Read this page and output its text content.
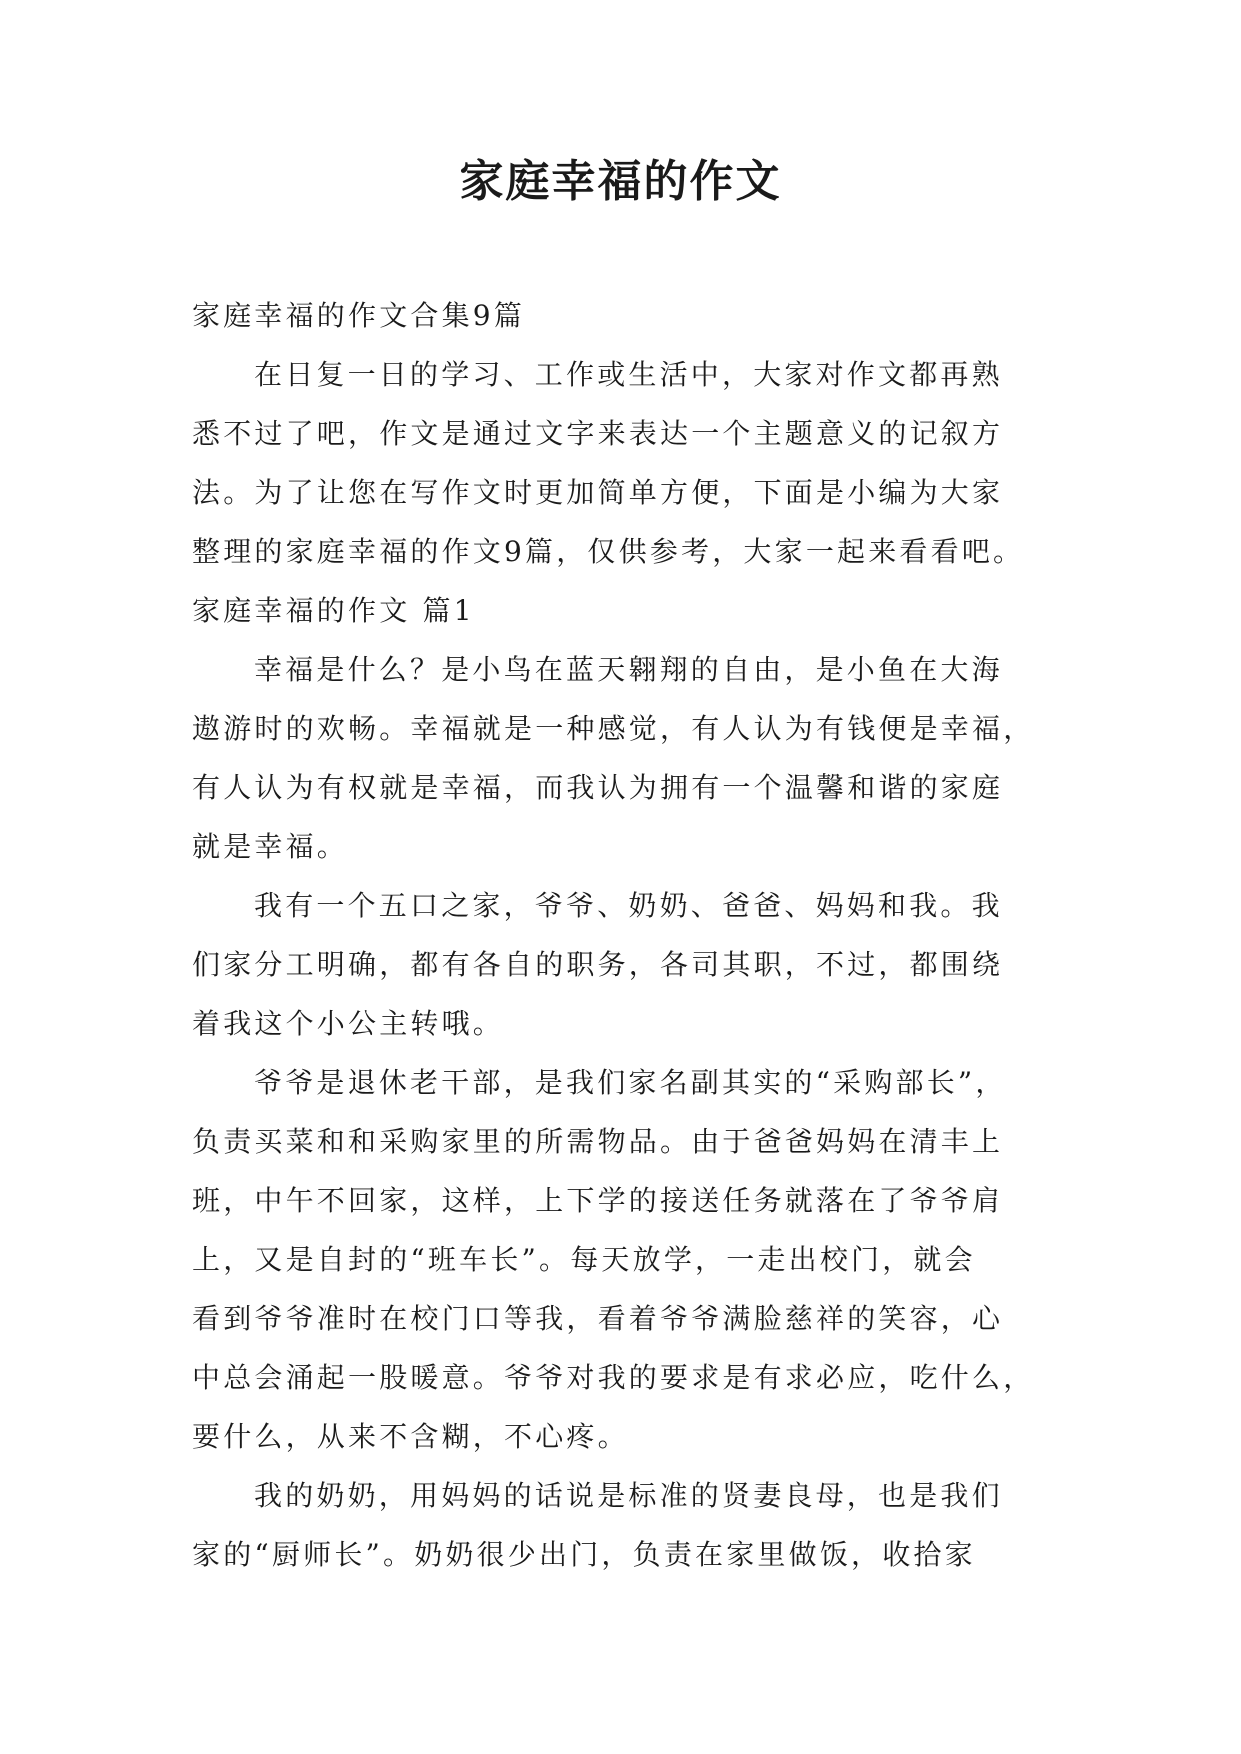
家庭幸福的作文
家庭幸福的作文合集9篇
在日复一日的学习、工作或生活中，大家对作文都再熟
悉不过了吧，作文是通过文字来表达一个主题意义的记叙方
法。为了让您在写作文时更加简单方便，下面是小编为大家
整理的家庭幸福的作文9篇，仅供参考，大家一起来看看吧。
家庭幸福的作文 篇1
幸福是什么？是小鸟在蓝天翱翔的自由，是小鱼在大海
遨游时的欢畅。幸福就是一种感觉，有人认为有钱便是幸福，
有人认为有权就是幸福，而我认为拥有一个温馨和谐的家庭
就是幸福。
我有一个五口之家，爷爷、奶奶、爸爸、妈妈和我。我
们家分工明确，都有各自的职务，各司其职，不过，都围绕
着我这个小公主转哦。
爷爷是退休老干部，是我们家名副其实的“采购部长”，
负责买菜和和采购家里的所需物品。由于爸爸妈妈在清丰上
班，中午不回家，这样，上下学的接送任务就落在了爷爷肩
上，又是自封的“班车长”。每天放学，一走出校门，就会
看到爷爷准时在校门口等我，看着爷爷满脸慈祥的笑容，心
中总会涌起一股暖意。爷爷对我的要求是有求必应，吃什么，
要什么，从来不含糊，不心疼。
我的奶奶，用妈妈的话说是标准的贤妻良母，也是我们
家的“厨师长”。奶奶很少出门，负责在家里做饭，收拾家
